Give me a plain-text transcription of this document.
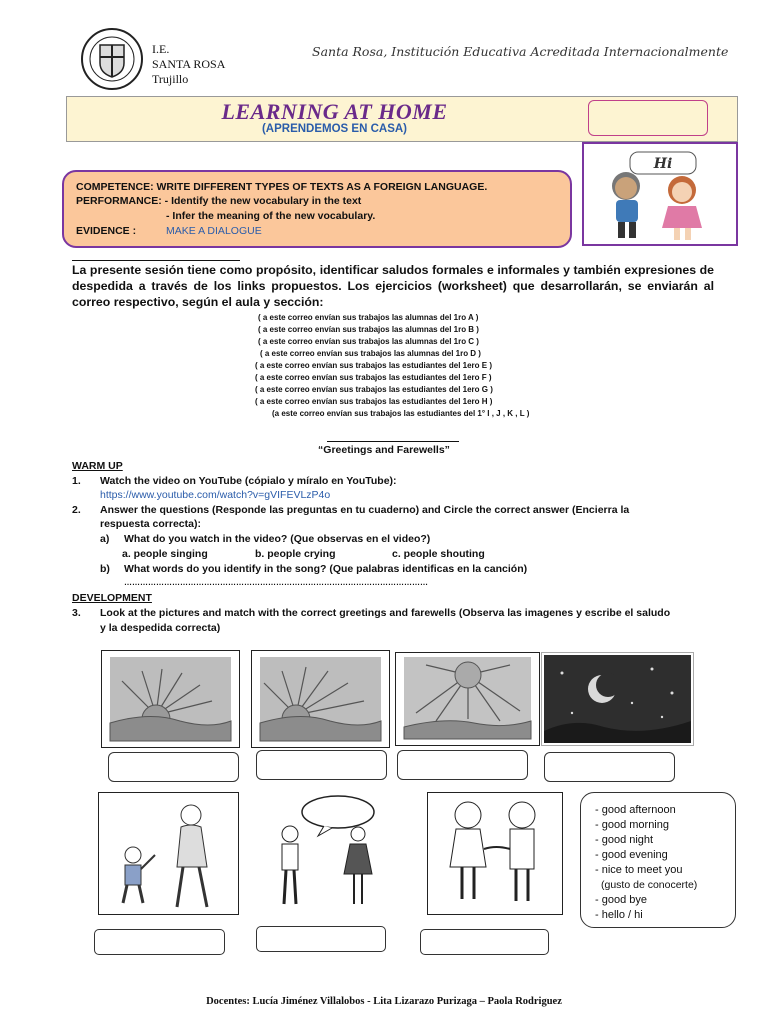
I.E.
SANTA ROSA
Trujillo
Santa Rosa, Institución Educativa Acreditada Internacionalmente
LEARNING AT HOME
(APRENDEMOS EN CASA)
Hi
COMPETENCE: WRITE DIFFERENT TYPES OF TEXTS AS A FOREIGN LANGUAGE.
PERFORMANCE: - Identify the new vocabulary in the text
- Infer the meaning of the new vocabulary.
EVIDENCE :	MAKE A DIALOGUE
La presente sesión tiene como propósito, identificar saludos formales e informales y también expresiones de despedida a través de los links propuestos. Los ejercicios (worksheet) que desarrollarán, se enviarán al correo respectivo, según el aula y sección:
( a este correo envían sus trabajos las alumnas del 1ro A )
( a este correo envían sus trabajos las alumnas del 1ro B )
( a este correo envían sus trabajos las alumnas del 1ro C )
( a este correo envían sus trabajos las alumnas del 1ro D )
( a este correo envían sus trabajos las estudiantes del 1ero E )
( a este correo envían sus trabajos las estudiantes del 1ero F )
( a este correo envían sus trabajos las estudiantes del 1ero G )
( a este correo envían sus trabajos las estudiantes del 1ero H )
(a este correo envían sus trabajos las estudiantes del 1° I , J , K , L )
“Greetings and Farewells”
WARM UP
1. Watch the video on YouTube (cópialo y míralo en YouTube):
https://www.youtube.com/watch?v=gVIFEVLzP4o
2. Answer the questions (Responde las preguntas en tu cuaderno) and Circle the correct answer (Encierra la
respuesta correcta):
a) What do you watch in the video? (Que observas en el video?)
a. people singing	b. people crying	c. people shouting
b) What words do you identify in the song? (Que palabras identificas en la canción)
……………………………………………………………………………………………………
DEVELOPMENT
3. Look at the pictures and match with the correct greetings and farewells (Observa las imagenes y escribe el saludo
y la despedida correcta)
- good afternoon
- good morning
- good night
- good evening
- nice to meet you
(gusto de conocerte)
- good bye
- hello / hi
Docentes: Lucía Jiménez Villalobos - Lita Lizarazo Purizaga – Paola Rodriguez
